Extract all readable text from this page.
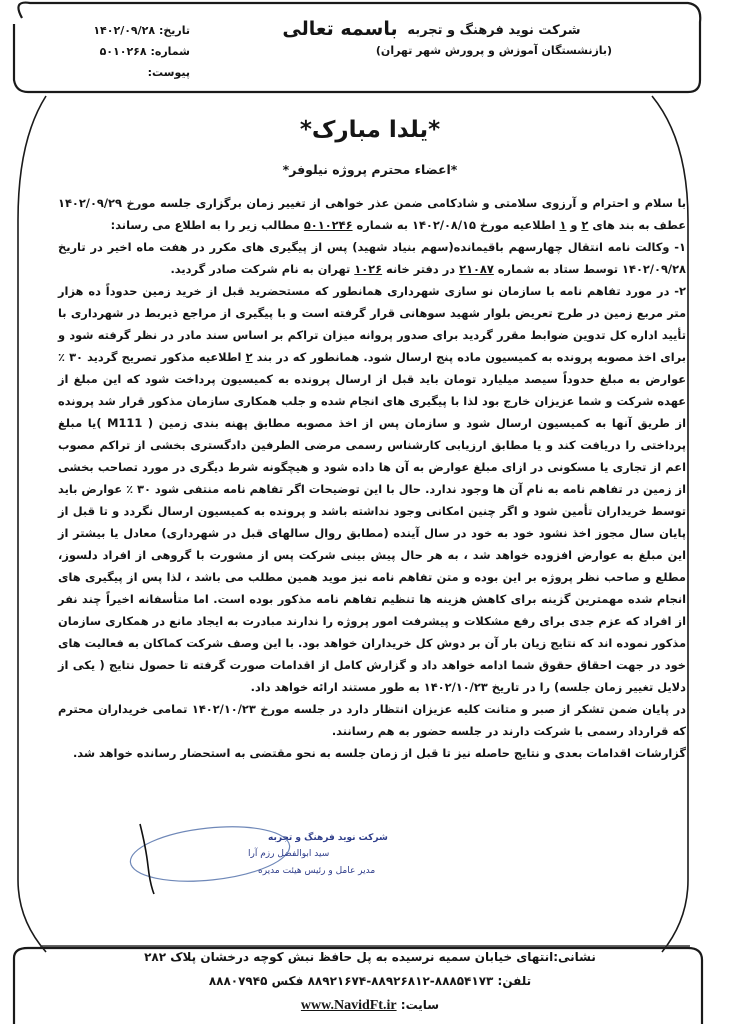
شرکت نوید فرهنگ و تجربه
(بازنشستگان آموزش و پرورش شهر تهران)
باسمه تعالی
تاریخ: ۱۴۰۲/۰۹/۲۸
شماره: ۵۰۱۰۲۶۸
پیوست:
*یلدا مبارک*
*اعضاء محترم پروژه نیلوفر*

با سلام و احترام و آرزوی سلامتی و شادکامی ضمن عذر خواهی از تغییر زمان برگزاری جلسه مورخ ۱۴۰۲/۰۹/۲۹ عطف به بند های ۲ و ۱ اطلاعیه مورخ ۱۴۰۲/۰۸/۱۵ به شماره ۵۰۱۰۲۴۶ مطالب زیر را به اطلاع می رساند:

۱- وکالت نامه انتقال چهارسهم باقیمانده(سهم بنیاد شهید) پس از پیگیری های مکرر در هفت ماه اخیر در تاریخ ۱۴۰۲/۰۹/۲۸ توسط ستاد به شماره ۲۱۰۸۷ در دفتر خانه ۱۰۲۶ تهران به نام شرکت صادر گردید.

۲- در مورد تفاهم نامه با سازمان نو سازی شهرداری همانطور که مستحضرید قبل از خرید زمین حدوداً ده هزار متر مربع زمین در طرح تعریض بلوار شهید سوهانی قرار گرفته است و با پیگیری از مراجع ذیربط در شهرداری با تأیید اداره کل تدوین ضوابط مقرر گردید برای صدور پروانه میزان تراکم بر اساس سند مادر در نظر گرفته شود و برای اخذ مصوبه پرونده به کمیسیون ماده پنج ارسال شود. همانطور که در بند ۲ اطلاعیه مذکور تصریح گردید ۳۰ ٪ عوارض به مبلغ حدوداً سیصد میلیارد تومان باید قبل از ارسال پرونده به کمیسیون پرداخت شود که این مبلغ از عهده شرکت و شما عزیزان خارج بود لذا با پیگیری های انجام شده و جلب همکاری سازمان مذکور قرار شد پرونده از طریق آنها به کمیسیون ارسال شود و سازمان پس از اخذ مصوبه مطابق پهنه بندی زمین ( M111 )یا مبلغ پرداختی را دریافت کند و یا مطابق ارزیابی کارشناس رسمی مرضی الطرفین دادگستری بخشی از تراکم مصوب اعم از تجاری یا مسکونی در ازای مبلغ عوارض به آن ها داده شود و هیچگونه شرط دیگری در مورد تصاحب بخشی از زمین در تفاهم نامه به نام آن ها وجود ندارد. حال با این توضیحات اگر تفاهم نامه منتفی شود ۳۰ ٪ عوارض باید توسط خریداران تأمین شود و اگر چنین امکانی وجود نداشته باشد و پرونده به کمیسیون ارسال نگردد و تا قبل از پایان سال مجوز اخذ نشود خود به خود در سال آینده (مطابق روال سالهای قبل در شهرداری) معادل یا بیشتر از این مبلغ به عوارض افزوده خواهد شد ، به هر حال پیش بینی شرکت پس از مشورت با گروهی از افراد دلسوز، مطلع و صاحب نظر پروژه بر این بوده و متن تفاهم نامه نیز موید همین مطلب می باشد ، لذا پس از پیگیری های انجام شده مهمترین گزینه برای کاهش هزینه ها تنظیم تفاهم نامه مذکور بوده است. اما متأسفانه اخیراً چند نفر از افراد که عزم جدی برای رفع مشکلات و پیشرفت امور پروژه را ندارند مبادرت به ایجاد مانع در همکاری سازمان مذکور نموده اند که نتایج زیان بار آن بر دوش کل خریداران خواهد بود. با این وصف شرکت کماکان به فعالیت های خود در جهت احقاق حقوق شما ادامه خواهد داد و گزارش کامل از اقدامات صورت گرفته تا حصول نتایج ( یکی از دلایل تغییر زمان جلسه) را در تاریخ ۱۴۰۲/۱۰/۲۳ به طور مستند ارائه خواهد داد.

در پایان ضمن تشکر از صبر و متانت کلیه عزیزان انتظار دارد در جلسه مورخ ۱۴۰۲/۱۰/۲۳ تمامی خریداران محترم که قرارداد رسمی با شرکت دارند در جلسه حضور به هم رسانند.

گزارشات اقدامات بعدی و نتایج حاصله نیز تا قبل از زمان جلسه به نحو مقتضی به استحضار رسانده خواهد شد.

شرکت نوید فرهنگ و تجربه
سید ابوالفضل رزم آرا
مدیر عامل و رئیس هیئت مدیره
نشانی:انتهای خیابان سمیه نرسیده به پل حافظ نبش کوچه درخشان پلاک ۲۸۲
تلفن: ۸۸۸۵۴۱۷۳-۸۸۹۲۶۸۱۲-۸۸۹۲۱۶۷۴ فکس ۸۸۸۰۷۹۴۵
سایت: www.NavidFt.ir
